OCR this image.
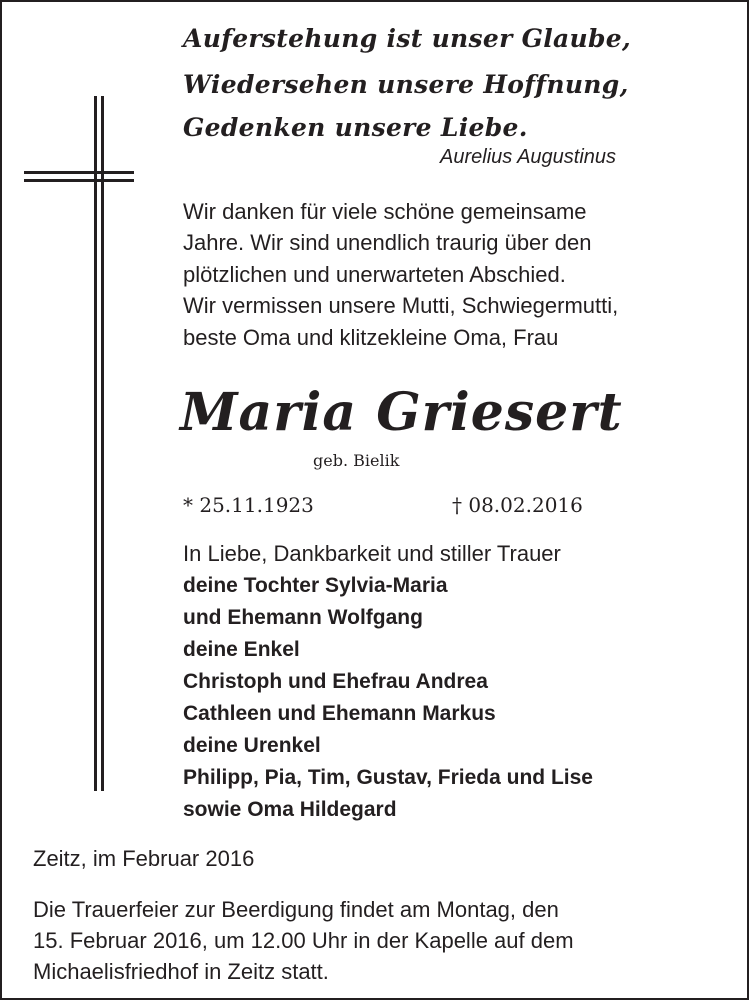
Auferstehung ist unser Glaube,
Wiedersehen unsere Hoffnung,
Gedenken unsere Liebe.
Aurelius Augustinus
Wir danken für viele schöne gemeinsame
Jahre. Wir sind unendlich traurig über den
plötzlichen und unerwarteten Abschied.
Wir vermissen unsere Mutti, Schwiegermutti,
beste Oma und klitzekleine Oma, Frau
Maria Griesert
geb. Bielik
* 25.11.1923	† 08.02.2016
In Liebe, Dankbarkeit und stiller Trauer
deine Tochter Sylvia-Maria
und Ehemann Wolfgang
deine Enkel
Christoph und Ehefrau Andrea
Cathleen und Ehemann Markus
deine Urenkel
Philipp, Pia, Tim, Gustav, Frieda und Lise
sowie Oma Hildegard
Zeitz, im Februar 2016
Die Trauerfeier zur Beerdigung findet am Montag, den
15. Februar 2016, um 12.00 Uhr in der Kapelle auf dem
Michaelisfriedhof in Zeitz statt.
